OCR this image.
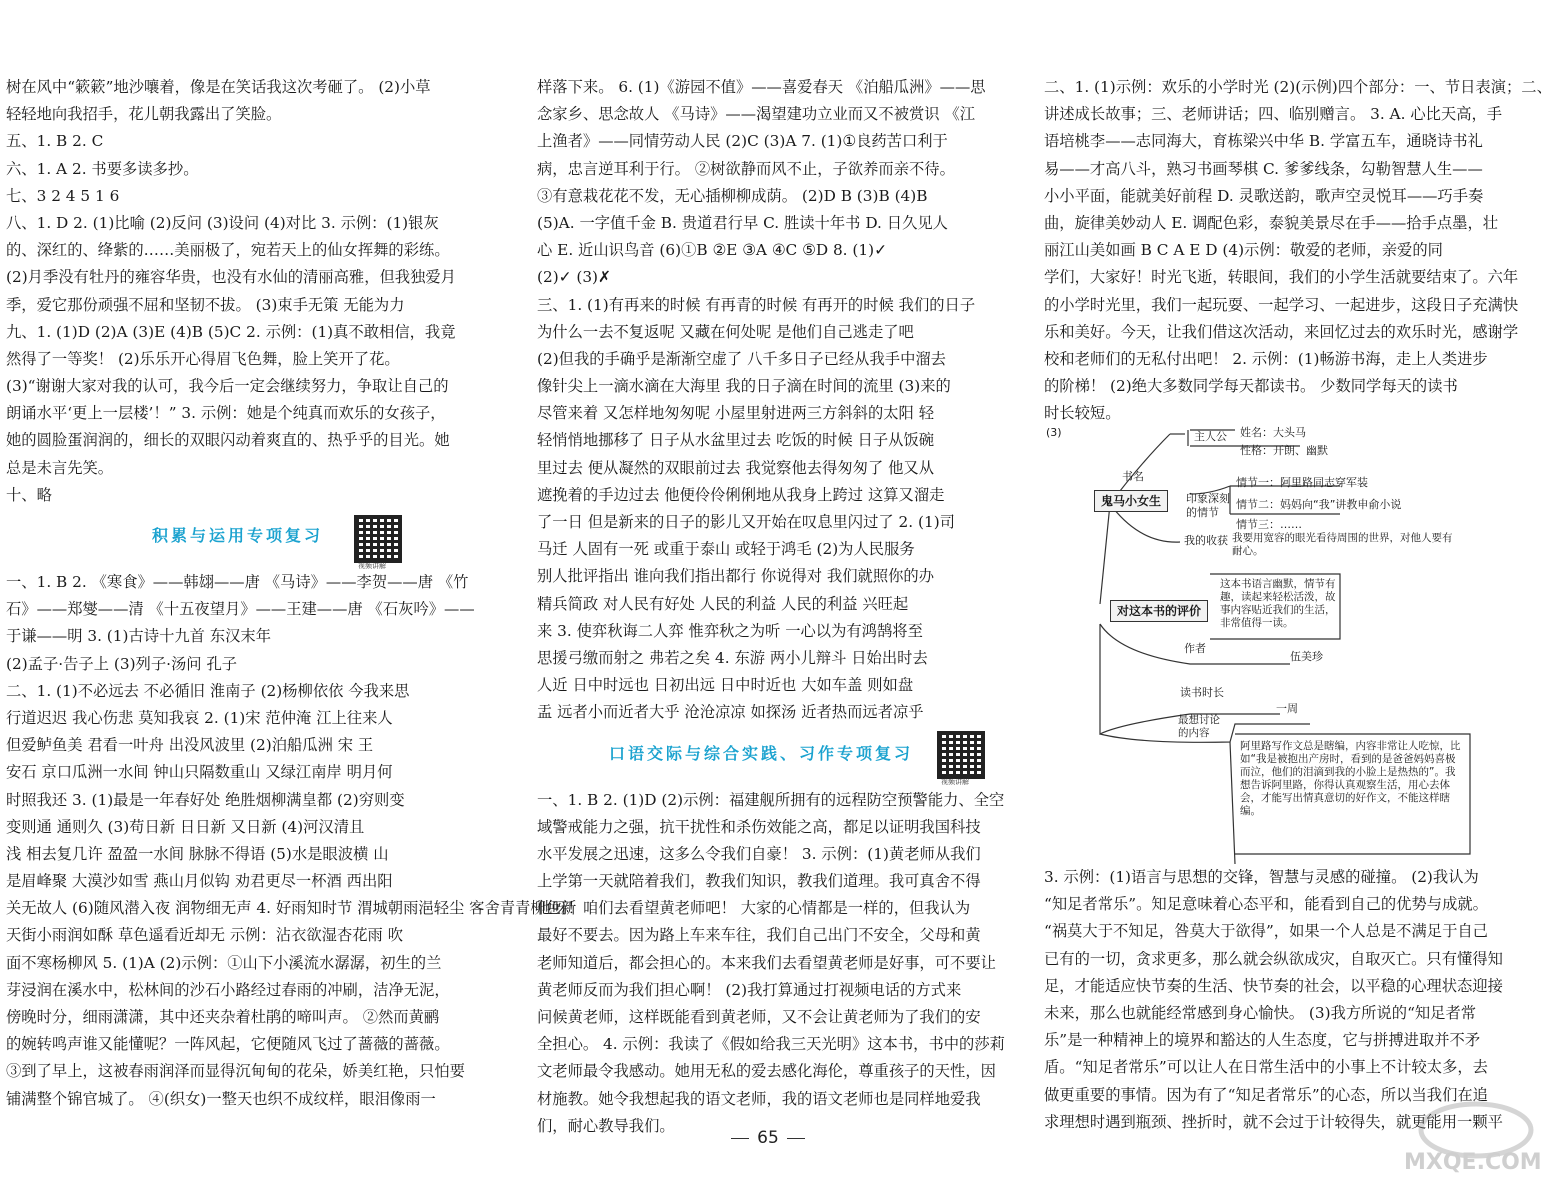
树在风中“簌簌”地沙嚷着，像是在笑话我这次考砸了。 (2)小草
轻轻地向我招手，花儿朝我露出了笑脸。
五、1. B 2. C
六、1. A 2. 书要多读多抄。
七、3 2 4 5 1 6
八、1. D 2. (1)比喻 (2)反问 (3)设问 (4)对比 3. 示例：(1)银灰
的、深红的、绛紫的……美丽极了，宛若天上的仙女挥舞的彩练。
(2)月季没有牡丹的雍容华贵，也没有水仙的清丽高雅，但我独爱月
季，爱它那份顽强不屈和坚韧不拔。 (3)束手无策 无能为力
九、1. (1)D (2)A (3)E (4)B (5)C 2. 示例：(1)真不敢相信，我竟
然得了一等奖！ (2)乐乐开心得眉飞色舞，脸上笑开了花。
(3)“谢谢大家对我的认可，我今后一定会继续努力，争取让自己的
朗诵水平‘更上一层楼’！” 3. 示例：她是个纯真而欢乐的女孩子，
她的圆脸蛋润润的，细长的双眼闪动着爽直的、热乎乎的目光。她
总是未言先笑。
十、略
积累与运用专项复习
视频讲解
一、1. B 2. 《寒食》——韩翃——唐 《马诗》——李贺——唐 《竹
石》——郑燮——清 《十五夜望月》——王建——唐 《石灰吟》——
于谦——明 3. (1)古诗十九首 东汉末年
(2)孟子·告子上 (3)列子·汤问 孔子
二、1. (1)不必远去 不必循旧 淮南子 (2)杨柳依依 今我来思
行道迟迟 我心伤悲 莫知我哀 2. (1)宋 范仲淹 江上往来人
但爱鲈鱼美 君看一叶舟 出没风波里 (2)泊船瓜洲 宋 王
安石 京口瓜洲一水间 钟山只隔数重山 又绿江南岸 明月何
时照我还 3. (1)最是一年春好处 绝胜烟柳满皇都 (2)穷则变
变则通 通则久 (3)苟日新 日日新 又日新 (4)河汉清且
浅 相去复几许 盈盈一水间 脉脉不得语 (5)水是眼波横 山
是眉峰聚 大漠沙如雪 燕山月似钩 劝君更尽一杯酒 西出阳
关无故人 (6)随风潜入夜 润物细无声 4. 好雨知时节 渭城朝雨浥轻尘 客舍青青柳色新
天街小雨润如酥 草色遥看近却无 示例：沾衣欲湿杏花雨 吹
面不寒杨柳风 5. (1)A (2)示例：①山下小溪流水潺潺，初生的兰
芽浸润在溪水中，松林间的沙石小路经过春雨的冲刷，洁净无泥，
傍晚时分，细雨潇潇，其中还夹杂着杜鹃的啼叫声。 ②然而黄鹂
的婉转鸣声谁又能懂呢？一阵风起，它便随风飞过了蔷薇的蔷薇。
③到了早上，这被春雨润泽而显得沉甸甸的花朵，娇美红艳，只怕要
铺满整个锦官城了。 ④(织女)一整天也织不成纹样，眼泪像雨一
样落下来。 6. (1)《游园不值》——喜爱春天 《泊船瓜洲》——思
念家乡、思念故人 《马诗》——渴望建功立业而又不被赏识 《江
上渔者》——同情劳动人民 (2)C (3)A 7. (1)①良药苦口利于
病，忠言逆耳利于行。 ②树欲静而风不止，子欲养而亲不待。
③有意栽花花不发，无心插柳柳成荫。 (2)D B (3)B (4)B
(5)A. 一字值千金 B. 贵道君行早 C. 胜读十年书 D. 日久见人
心 E. 近山识鸟音 (6)①B ②E ③A ④C ⑤D 8. (1)✓
(2)✓ (3)✗
三、1. (1)有再来的时候 有再青的时候 有再开的时候 我们的日子
为什么一去不复返呢 又藏在何处呢 是他们自己逃走了吧
(2)但我的手确乎是渐渐空虚了 八千多日子已经从我手中溜去
像针尖上一滴水滴在大海里 我的日子滴在时间的流里 (3)来的
尽管来着 又怎样地匆匆呢 小屋里射进两三方斜斜的太阳 轻
轻悄悄地挪移了 日子从水盆里过去 吃饭的时候 日子从饭碗
里过去 便从凝然的双眼前过去 我觉察他去得匆匆了 他又从
遮挽着的手边过去 他便伶伶俐俐地从我身上跨过 这算又溜走
了一日 但是新来的日子的影儿又开始在叹息里闪过了 2. (1)司
马迁 人固有一死 或重于泰山 或轻于鸿毛 (2)为人民服务
别人批评指出 谁向我们指出都行 你说得对 我们就照你的办
精兵简政 对人民有好处 人民的利益 人民的利益 兴旺起
来 3. 使弈秋诲二人弈 惟弈秋之为听 一心以为有鸿鹄将至
思援弓缴而射之 弗若之矣 4. 东游 两小儿辩斗 日始出时去
人近 日中时远也 日初出远 日中时近也 大如车盖 则如盘
盂 远者小而近者大乎 沧沧凉凉 如探汤 近者热而远者凉乎
口语交际与综合实践、习作专项复习
视频讲解
一、1. B 2. (1)D (2)示例：福建舰所拥有的远程防空预警能力、全空
域警戒能力之强，抗干扰性和杀伤效能之高，都足以证明我国科技
水平发展之迅速，这多么令我们自豪！ 3. 示例：(1)黄老师从我们
上学第一天就陪着我们，教我们知识，教我们道理。我可真舍不得
他呀！咱们去看望黄老师吧！ 大家的心情都是一样的，但我认为
最好不要去。因为路上车来车往，我们自己出门不安全，父母和黄
老师知道后，都会担心的。本来我们去看望黄老师是好事，可不要让
黄老师反而为我们担心啊！ (2)我打算通过打视频电话的方式来
问候黄老师，这样既能看到黄老师，又不会让黄老师为了我们的安
全担心。 4. 示例：我读了《假如给我三天光明》这本书，书中的莎莉
文老师最令我感动。她用无私的爱去感化海伦，尊重孩子的天性，因
材施教。她令我想起我的语文老师，我的语文老师也是同样地爱我
们，耐心教导我们。
二、1. (1)示例：欢乐的小学时光 (2)(示例)四个部分：一、节日表演；二、
讲述成长故事；三、老师讲话；四、临别赠言。 3. A. 心比天高，手
语培桃李——志同海大，育栋梁兴中华 B. 学富五车，通晓诗书礼
易——才高八斗，熟习书画琴棋 C. 爹爹线条，勾勒智慧人生——
小小平面，能就美好前程 D. 灵歌送韵，歌声空灵悦耳——巧手奏
曲，旋律美妙动人 E. 调配色彩，泰貌美景尽在手——拾手点墨，壮
丽江山美如画 B C A E D (4)示例：敬爱的老师，亲爱的同
学们，大家好！时光飞逝，转眼间，我们的小学生活就要结束了。六年
的小学时光里，我们一起玩耍、一起学习、一起进步，这段日子充满快
乐和美好。今天，让我们借这次活动，来回忆过去的欢乐时光，感谢学
校和老师们的无私付出吧！ 2. 示例：(1)畅游书海，走上人类进步
的阶梯！ (2)绝大多数同学每天都读书。 少数同学每天的读书
时长较短。
3. 示例：(1)语言与思想的交锋，智慧与灵感的碰撞。 (2)我认为
“知足者常乐”。知足意味着心态平和，能看到自己的优势与成就。
“祸莫大于不知足，咎莫大于欲得”，如果一个人总是不满足于自己
已有的一切，贪求更多，那么就会纵欲成灾，自取灭亡。只有懂得知
足，才能适应快节奏的生活、快节奏的社会，以平稳的心理状态迎接
未来，那么也就能经常感到身心愉快。 (3)我方所说的“知足者常
乐”是一种精神上的境界和豁达的人生态度，它与拼搏进取并不矛
盾。“知足者常乐”可以让人在日常生活中的小事上不计较太多，去
做更重要的事情。因为有了“知足者常乐”的心态，所以当我们在追
求理想时遇到瓶颈、挫折时，就不会过于计较得失，就更能用一颗平
(3)
书名
鬼马小女生
主人公 姓名：大头马
性格：开朗、幽默
印象深刻的情节
情节一：阿里路同志穿军装
情节二：妈妈向“我”讲教申俞小说
情节三：……
我的收获 我要用宽容的眼光看待周围的世界，对他人要有耐心。
对这本书的评价
这本书语言幽默，情节有趣，读起来轻松活泼，故事内容贴近我们的生活，非常值得一读。
作者
伍美珍
读书时长
一周
最想讨论的内容
阿里路写作文总是瞎编，内容非常让人吃惊，比如“我是被抱出产房时，看到的是爸爸妈妈喜极而泣，他们的泪滴到我的小脸上是热热的”。我想告诉阿里路，你得认真观察生活，用心去体会，才能写出情真意切的好作文，不能这样瞎编。
65
MXQE.COM
